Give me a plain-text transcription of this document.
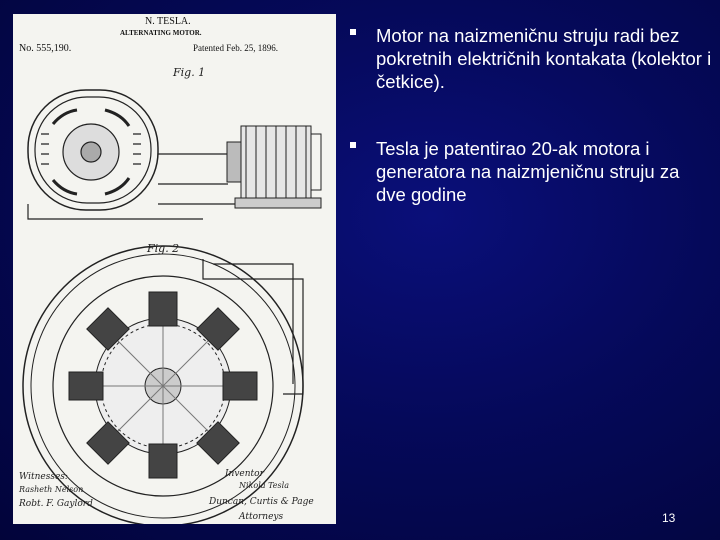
N. TESLA.
ALTERNATING MOTOR.
No. 555,190.	Patented Feb. 25, 1896.
Fig. 1
Fig. 2
Witnesses:
Rasheth Nelson
Robt. F. Gaylord
Inventor
Nikola Tesla
Duncan, Curtis & Page
Attorneys
Motor na naizmeničnu struju radi bez pokretnih električnih kontakata (kolektor i četkice).
Tesla je patentirao 20-ak motora i generatora na naizmjeničnu struju za dve godine
13
